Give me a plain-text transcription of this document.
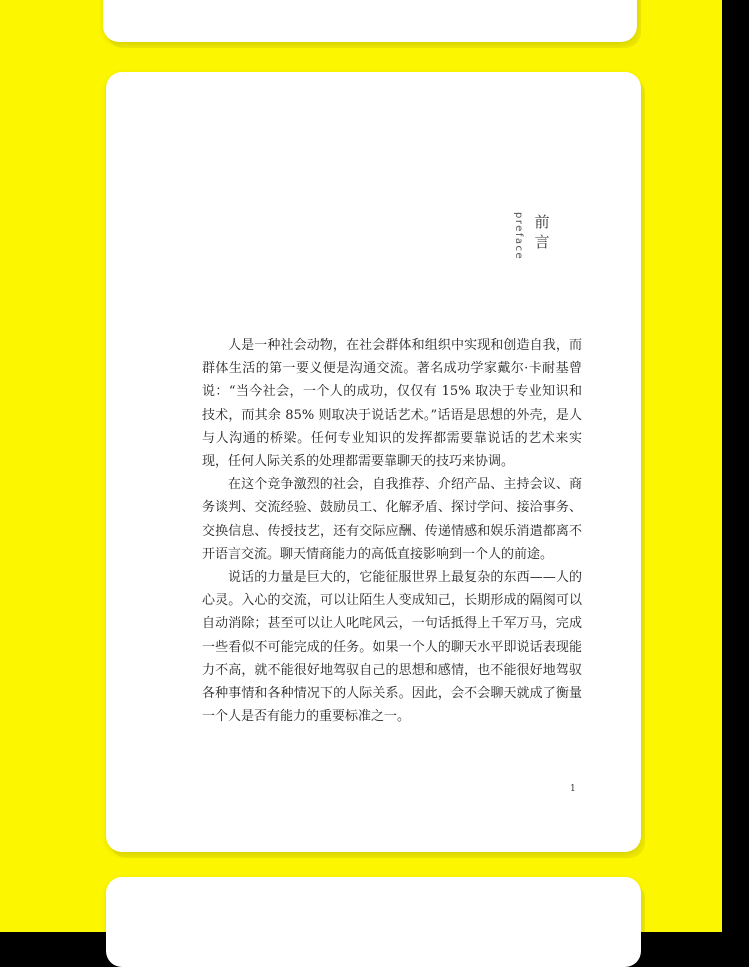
前
言
preface

人是一种社会动物，在社会群体和组织中实现和创造自我，而群体生活的第一要义便是沟通交流。著名成功学家戴尔·卡耐基曾说：“当今社会，一个人的成功，仅仅有 15% 取决于专业知识和技术，而其余 85% 则取决于说话艺术。”话语是思想的外壳，是人与人沟通的桥梁。任何专业知识的发挥都需要靠说话的艺术来实现，任何人际关系的处理都需要靠聊天的技巧来协调。

在这个竞争激烈的社会，自我推荐、介绍产品、主持会议、商务谈判、交流经验、鼓励员工、化解矛盾、探讨学问、接洽事务、交换信息、传授技艺，还有交际应酬、传递情感和娱乐消遣都离不开语言交流。聊天情商能力的高低直接影响到一个人的前途。

说话的力量是巨大的，它能征服世界上最复杂的东西——人的心灵。入心的交流，可以让陌生人变成知己，长期形成的隔阂可以自动消除；甚至可以让人叱咤风云，一句话抵得上千军万马，完成一些看似不可能完成的任务。如果一个人的聊天水平即说话表现能力不高，就不能很好地驾驭自己的思想和感情，也不能很好地驾驭各种事情和各种情况下的人际关系。因此，会不会聊天就成了衡量一个人是否有能力的重要标准之一。

1
